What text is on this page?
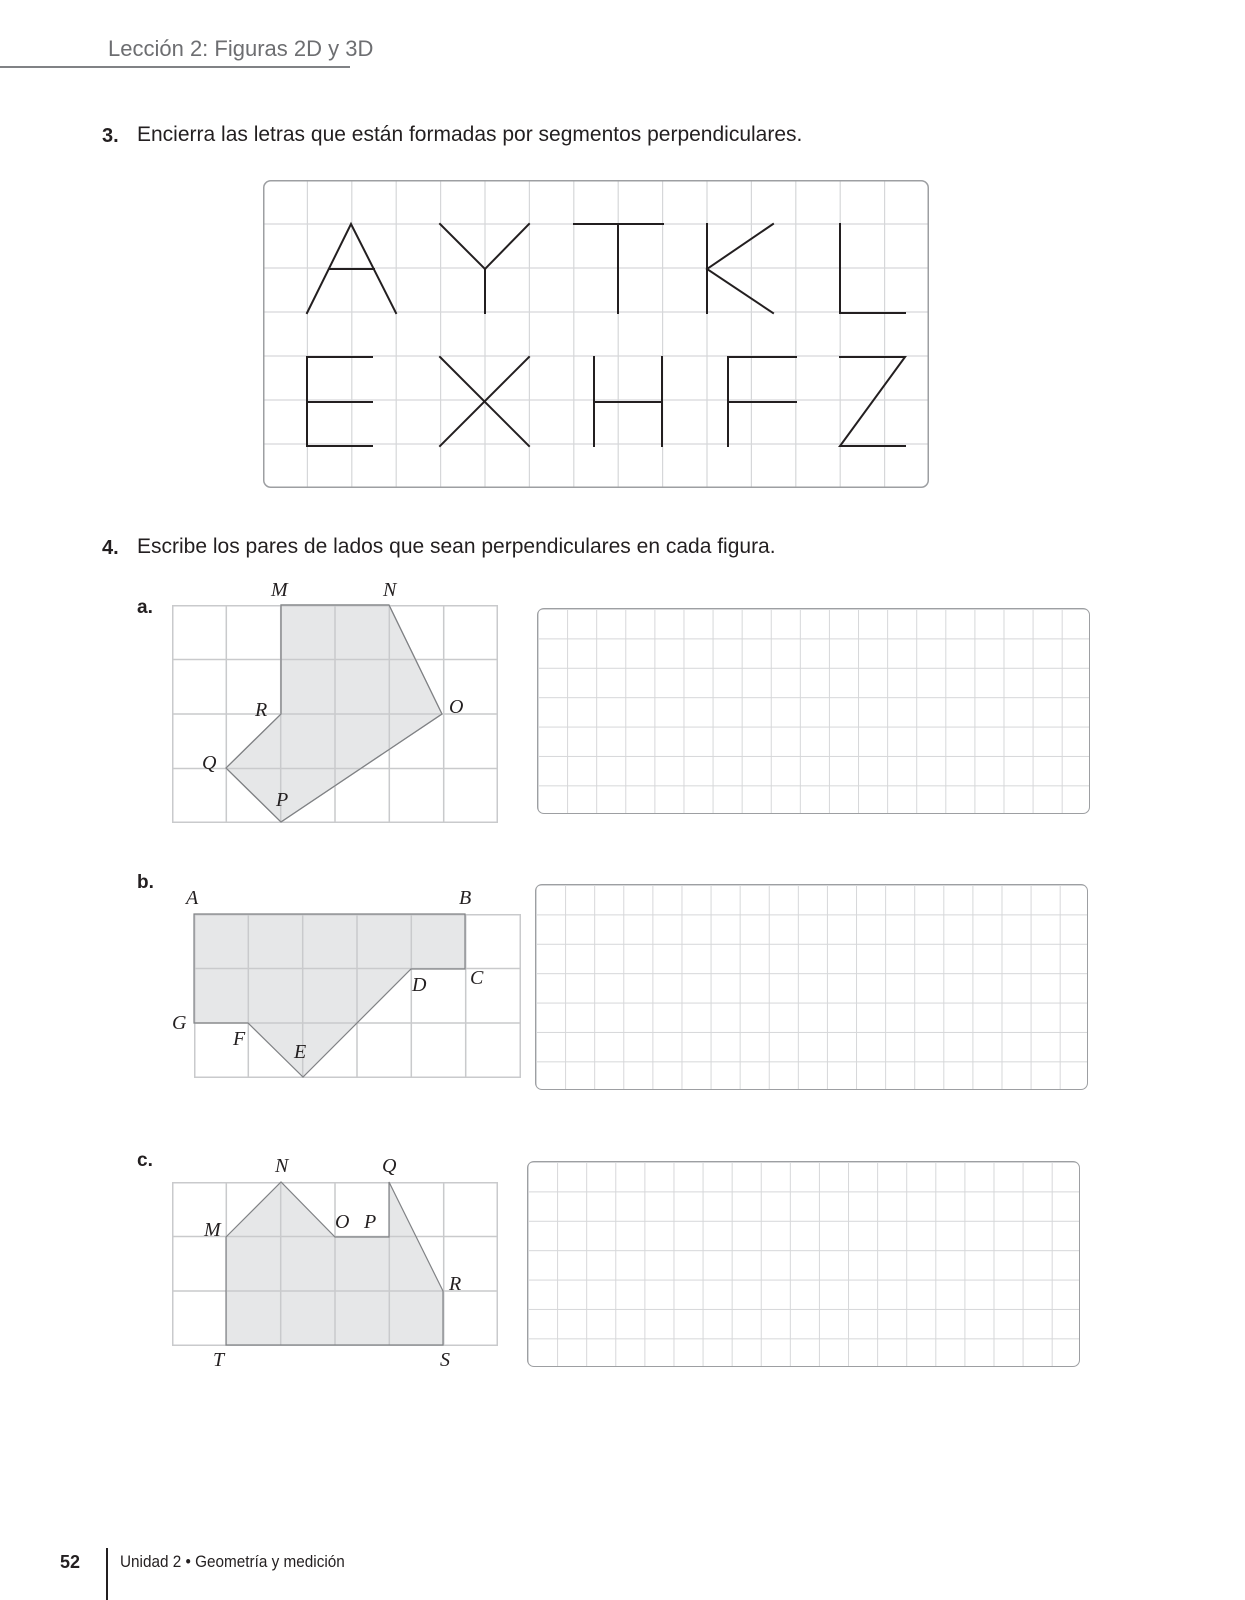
Lección 2: Figuras 2D y 3D
3. Encierra las letras que están formadas por segmentos perpendiculares.
4. Escribe los pares de lados que sean perpendiculares en cada figura.
a.
M	N
O
P
Q
R
b.
A	B
C
D
E
F
G
c.
M
N
O P
Q
R
S
T
52 Unidad 2 • Geometría y medición
